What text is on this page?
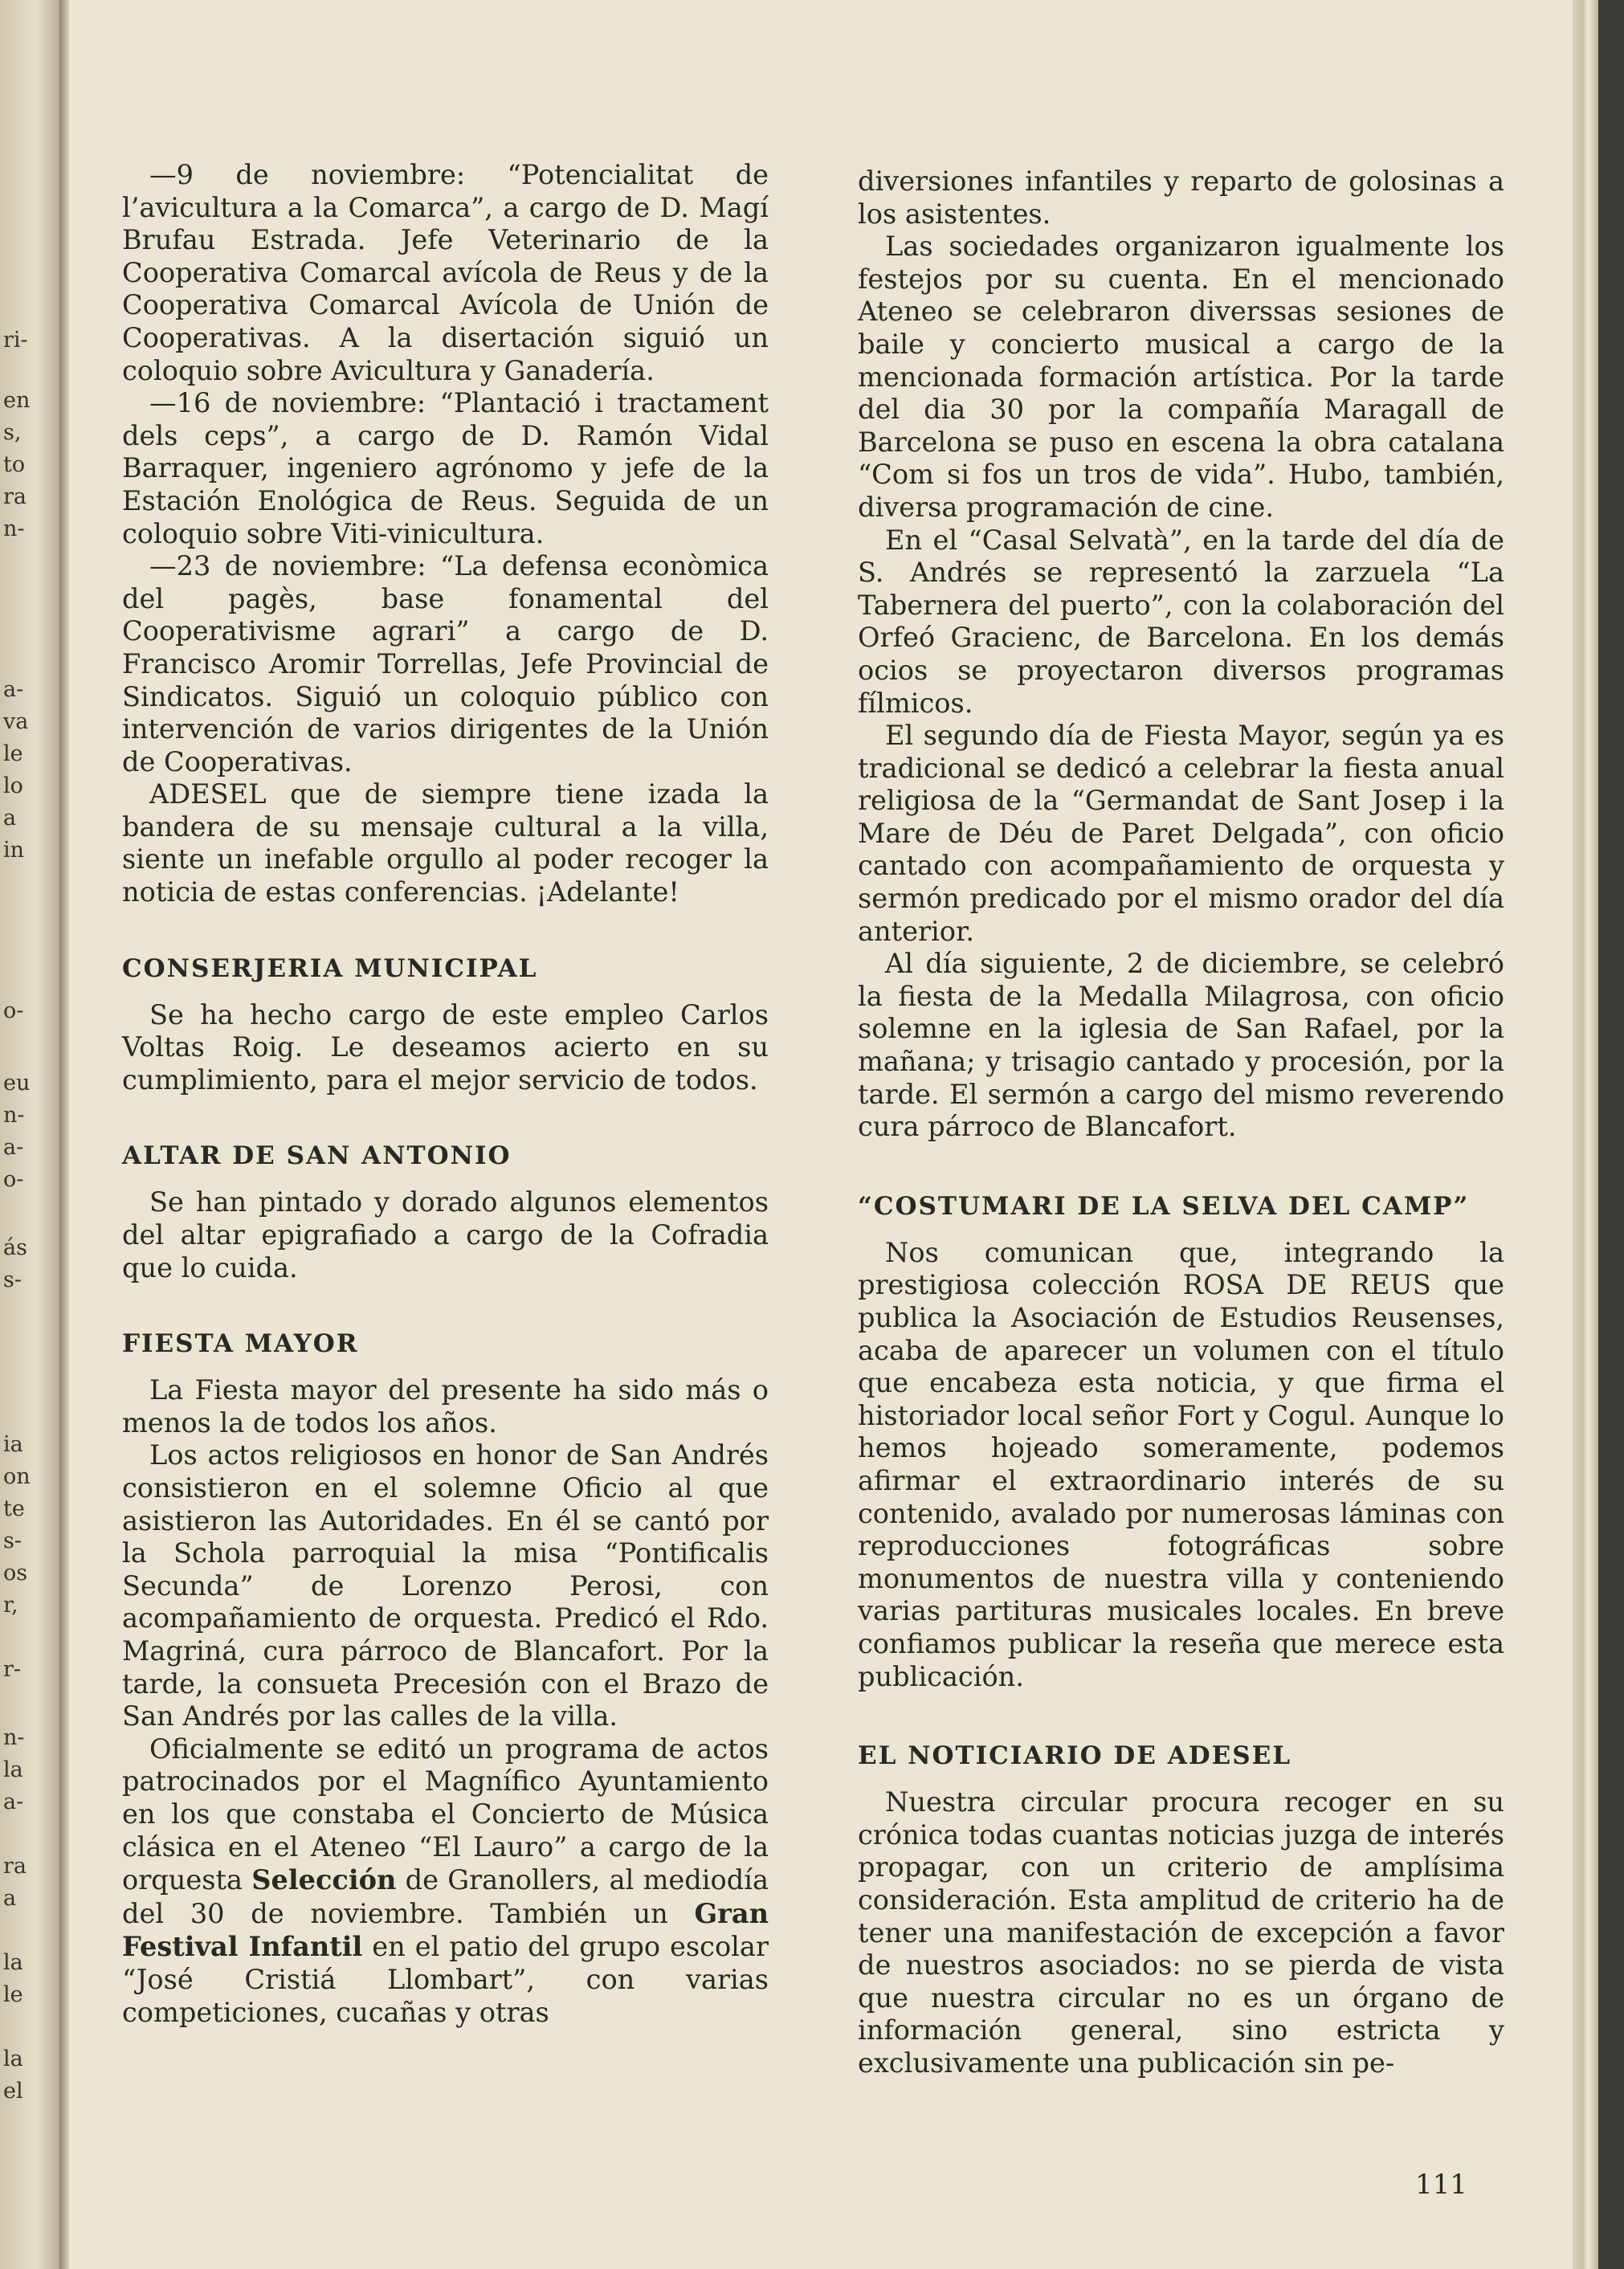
ri-
en
s,
to
ra
n-
a-
va
le
lo
a
in
o-
eu
n-
a-
o-
ás
s-
ia
on
te
s-
os
r,
r-
n-
la
a-
ra
a
la
le
la
el

—9 de noviembre: “Potencialitat de l’avicultura a la Comarca”, a cargo de D. Magí Brufau Estrada. Jefe Veterinario de la Cooperativa Comarcal avícola de Reus y de la Cooperativa Comarcal Avícola de Unión de Cooperativas. A la disertación siguió un coloquio sobre Avicultura y Ganadería.

—16 de noviembre: “Plantació i tractament dels ceps”, a cargo de D. Ramón Vidal Barraquer, ingeniero agrónomo y jefe de la Estación Enológica de Reus. Seguida de un coloquio sobre Viti-vinicultura.

—23 de noviembre: “La defensa econòmica del pagès, base fonamental del Cooperativisme agrari” a cargo de D. Francisco Aromir Torrellas, Jefe Provincial de Sindicatos. Siguió un coloquio público con intervención de varios dirigentes de la Unión de Cooperativas.

ADESEL que de siempre tiene izada la bandera de su mensaje cultural a la villa, siente un inefable orgullo al poder recoger la noticia de estas conferencias. ¡Adelante!

CONSERJERIA MUNICIPAL

Se ha hecho cargo de este empleo Carlos Voltas Roig. Le deseamos acierto en su cumplimiento, para el mejor servicio de todos.

ALTAR DE SAN ANTONIO

Se han pintado y dorado algunos elementos del altar epigrafiado a cargo de la Cofradia que lo cuida.

FIESTA MAYOR

La Fiesta mayor del presente ha sido más o menos la de todos los años.

Los actos religiosos en honor de San Andrés consistieron en el solemne Oficio al que asistieron las Autoridades. En él se cantó por la Schola parroquial la misa “Pontificalis Secunda” de Lorenzo Perosi, con acompañamiento de orquesta. Predicó el Rdo. Magriná, cura párroco de Blancafort. Por la tarde, la consueta Precesión con el Brazo de San Andrés por las calles de la villa.

Oficialmente se editó un programa de actos patrocinados por el Magnífico Ayuntamiento en los que constaba el Concierto de Música clásica en el Ateneo “El Lauro” a cargo de la orquesta Selección de Granollers, al mediodía del 30 de noviembre. También un Gran Festival Infantil en el patio del grupo escolar “José Cristiá Llombart”, con varias competiciones, cucañas y otras

diversiones infantiles y reparto de golosinas a los asistentes.

Las sociedades organizaron igualmente los festejos por su cuenta. En el mencionado Ateneo se celebraron diverssas sesiones de baile y concierto musical a cargo de la mencionada formación artística. Por la tarde del dia 30 por la compañía Maragall de Barcelona se puso en escena la obra catalana “Com si fos un tros de vida”. Hubo, también, diversa programación de cine.

En el “Casal Selvatà”, en la tarde del día de S. Andrés se representó la zarzuela “La Tabernera del puerto”, con la colaboración del Orfeó Gracienc, de Barcelona. En los demás ocios se proyectaron diversos programas fílmicos.

El segundo día de Fiesta Mayor, según ya es tradicional se dedicó a celebrar la fiesta anual religiosa de la “Germandat de Sant Josep i la Mare de Déu de Paret Delgada”, con oficio cantado con acompañamiento de orquesta y sermón predicado por el mismo orador del día anterior.

Al día siguiente, 2 de diciembre, se celebró la fiesta de la Medalla Milagrosa, con oficio solemne en la iglesia de San Rafael, por la mañana; y trisagio cantado y procesión, por la tarde. El sermón a cargo del mismo reverendo cura párroco de Blancafort.

“COSTUMARI DE LA SELVA DEL CAMP”

Nos comunican que, integrando la prestigiosa colección ROSA DE REUS que publica la Asociación de Estudios Reusenses, acaba de aparecer un volumen con el título que encabeza esta noticia, y que firma el historiador local señor Fort y Cogul. Aunque lo hemos hojeado someramente, podemos afirmar el extraordinario interés de su contenido, avalado por numerosas láminas con reproducciones fotográficas sobre monumentos de nuestra villa y conteniendo varias partituras musicales locales. En breve confiamos publicar la reseña que merece esta publicación.

EL NOTICIARIO DE ADESEL

Nuestra circular procura recoger en su crónica todas cuantas noticias juzga de interés propagar, con un criterio de amplísima consideración. Esta amplitud de criterio ha de tener una manifestación de excepción a favor de nuestros asociados: no se pierda de vista que nuestra circular no es un órgano de información general, sino estricta y exclusivamente una publicación sin pe-

111
